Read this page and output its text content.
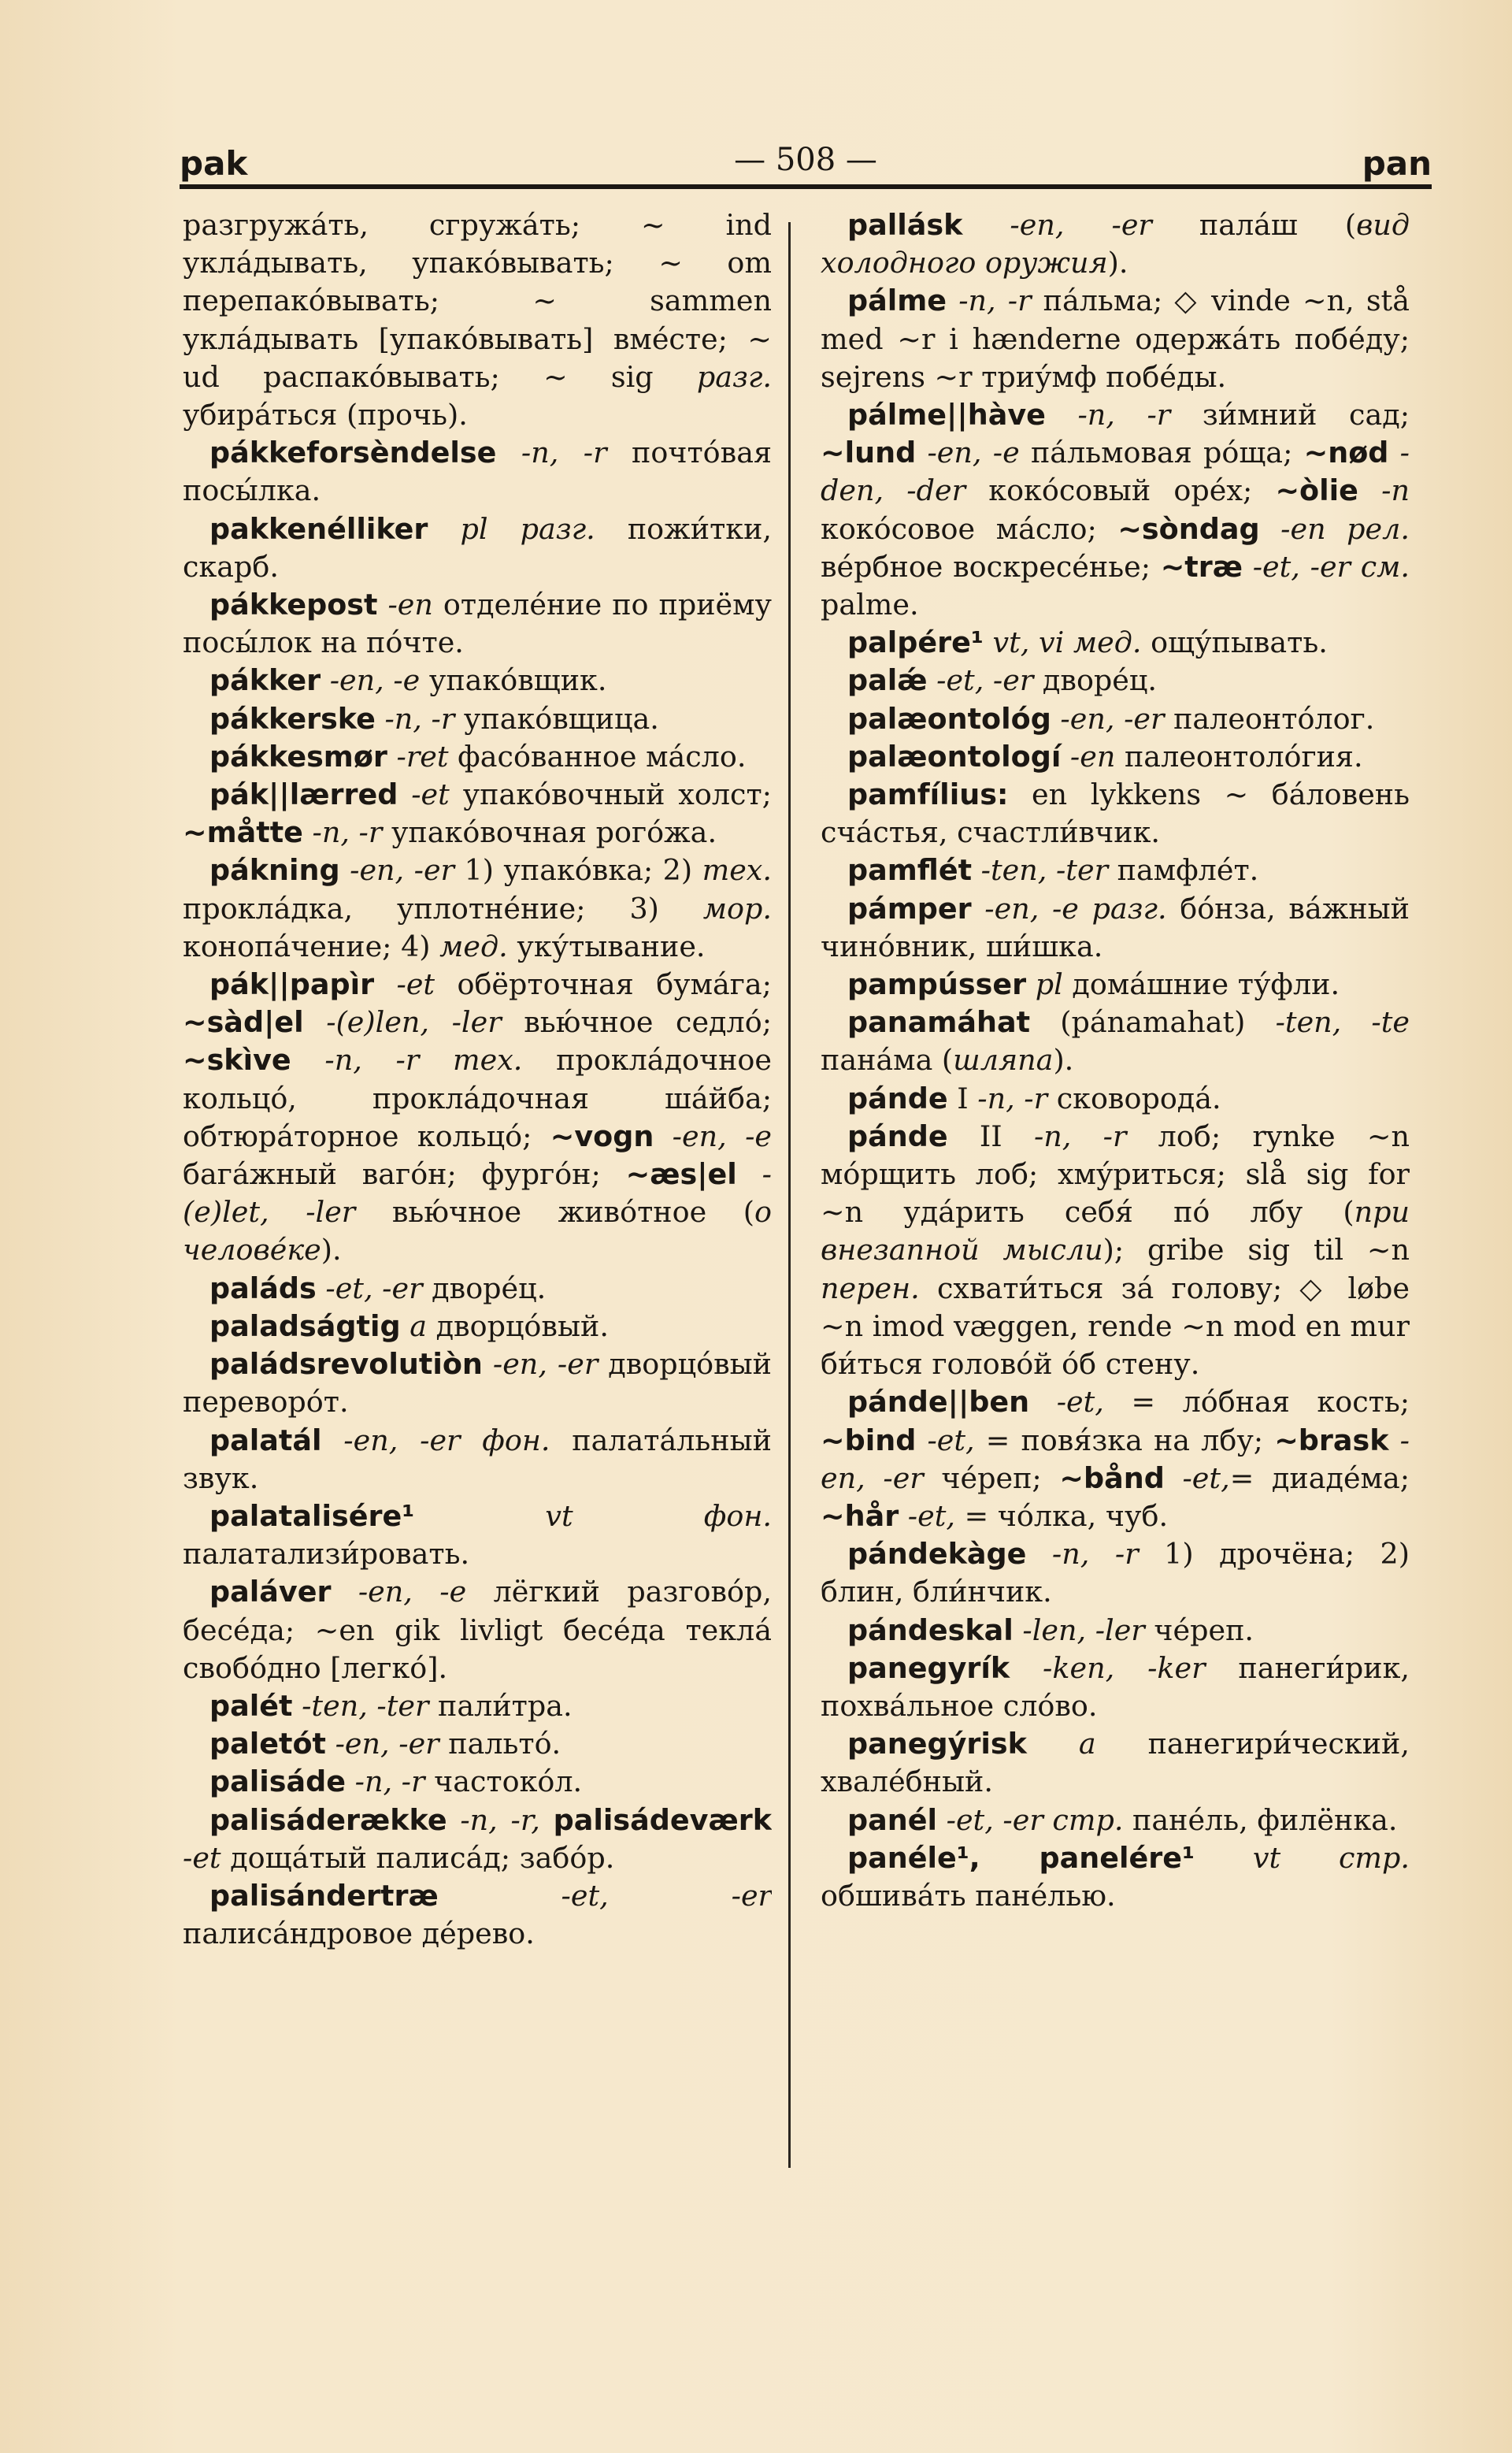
pak	— 508 —	pan

разгружа́ть, сгружа́ть; ~ ind укла́дывать, упако́вывать; ~ om перепако́вывать; ~ sammen укла́дывать [упако́вывать] вме́сте; ~ ud распако́вывать; ~ sig разг. убира́ться (прочь).

pákkeforsèndelse -n, -r почто́вая посы́лка.

pakkenélliker pl разг. пожи́тки, скарб.

pákkepost -en отделе́ние по приёму посы́лок на по́чте.

pákker -en, -e упако́вщик.

pákkerske -n, -r упако́вщица.

pákkesmør -ret фасо́ванное ма́сло.

pák||lærred -et упако́вочный холст; ~måtte -n, -r упако́вочная рого́жа.

pákning -en, -er 1) упако́вка; 2) тех. прокла́дка, уплотне́ние; 3) мор. конопа́чение; 4) мед. уку́тывание.

pák||papìr -et обёрточная бума́га; ~sàd|el -(e)len, -ler вью́чное седло́; ~skìve -n, -r тех. прокла́дочное кольцо́, прокла́дочная ша́йба; обтюра́торное кольцо́; ~vogn -en, -e бага́жный ваго́н; фурго́н; ~æs|el -(e)let, -ler вью́чное живо́тное (о челове́ке).

paláds -et, -er дворе́ц.

paladságtig a дворцо́вый.

paládsrevolutiòn -en, -er дворцо́вый переворо́т.

palatál -en, -er фон. палата́льный звук.

palatalisére¹ vt фон. палатализи́ровать.

paláver -en, -e лёгкий разгово́р, бесе́да; ~en gik livligt бесе́да текла́ свобо́дно [легко́].

palét -ten, -ter пали́тра.

paletót -en, -er пальто́.

palisáde -n, -r частоко́л.

palisáderække -n, -r, palisádeværk -et доща́тый палиса́д; забо́р.

palisándertræ -et, -er палиса́ндровое де́рево.

pallásk -en, -er пала́ш (вид холодного оружия).

pálme -n, -r па́льма; ◇ vinde ~n, stå med ~r i hænderne одержа́ть побе́ду; sejrens ~r триу́мф побе́ды.

pálme||hàve -n, -r зи́мний сад; ~lund -en, -e па́льмовая ро́ща; ~nød -den, -der коко́совый оре́х; ~òlie -n коко́совое ма́сло; ~sòndag -en рел. ве́рбное воскресе́нье; ~træ -et, -er см. palme.

palpére¹ vt, vi мед. ощу́пывать.

palǽ -et, -er дворе́ц.

palæontológ -en, -er палеонто́лог.

palæontologí -en палеонтоло́гия.

pamfílius: en lykkens ~ ба́ловень сча́стья, счастли́вчик.

pamflét -ten, -ter памфле́т.

pámper -en, -e разг. бо́нза, ва́жный чино́вник, ши́шка.

pampússer pl дома́шние ту́фли.

panamáhat (pánamahat) -ten, -te пана́ма (шляпа).

pánde I -n, -r сковорода́.

pánde II -n, -r лоб; rynke ~n мо́рщить лоб; хму́риться; slå sig for ~n уда́рить себя́ по́ лбу (при внезапной мысли); gribe sig til ~n перен. схвати́ться за́ голову; ◇ løbe ~n imod væggen, rende ~n mod en mur би́ться голово́й о́б стену.

pánde||ben -et, = ло́бная кость; ~bind -et, = повя́зка на лбу; ~brask -en, -er че́реп; ~bånd -et,= диаде́ма; ~hår -et, = чо́лка, чуб.

pándekàge -n, -r 1) дрочёна; 2) блин, бли́нчик.

pándeskal -len, -ler че́реп.

panegyrík -ken, -ker панеги́рик, похва́льное сло́во.

panegýrisk a панегири́ческий, хвале́бный.

panél -et, -er стр. пане́ль, филёнка.

panéle¹, panelére¹ vt стр. обшива́ть пане́лью.
